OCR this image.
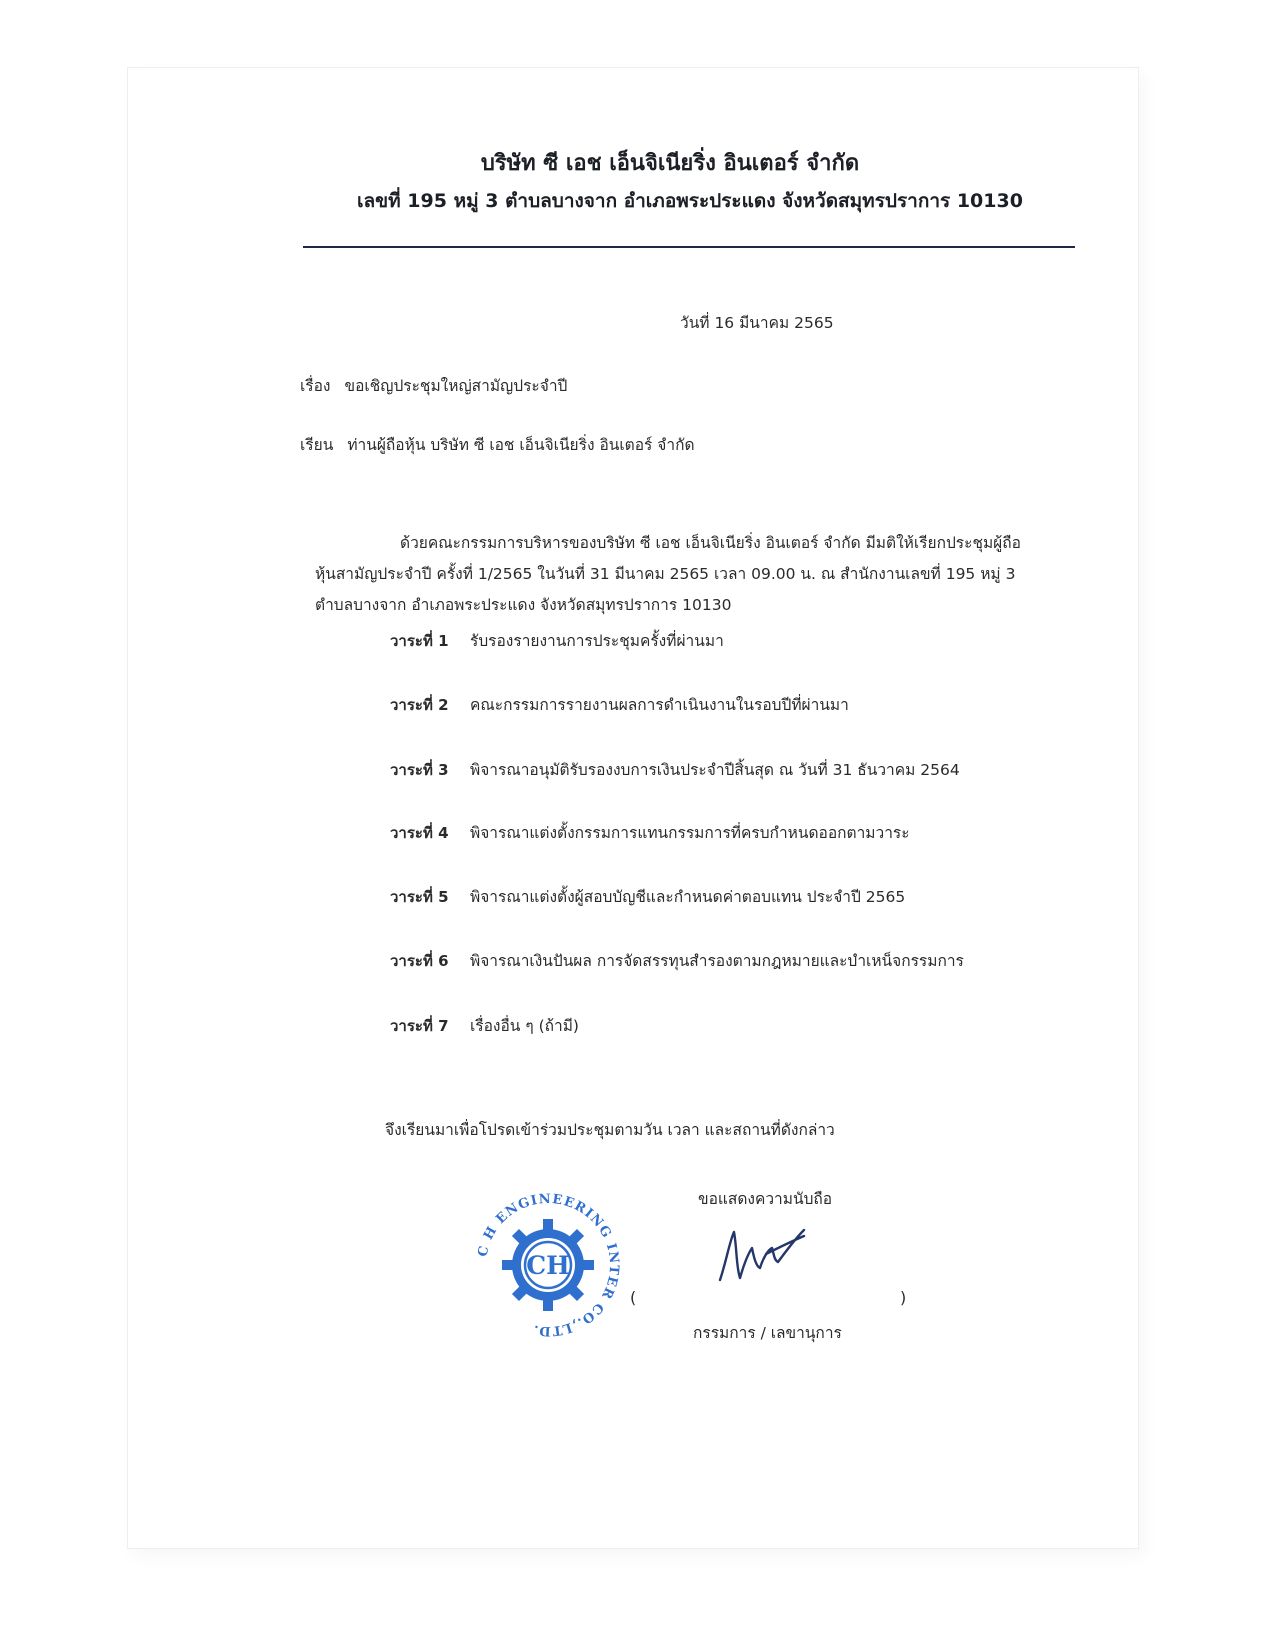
บริษัท ซี เอช เอ็นจิเนียริ่ง อินเตอร์ จำกัด
เลขที่ 195 หมู่ 3 ตำบลบางจาก อำเภอพระประแดง จังหวัดสมุทรปราการ 10130
วันที่ 16 มีนาคม 2565
เรื่อง ขอเชิญประชุมใหญ่สามัญประจำปี
เรียน ท่านผู้ถือหุ้น บริษัท ซี เอช เอ็นจิเนียริ่ง อินเตอร์ จำกัด
ด้วยคณะกรรมการบริหารของบริษัท ซี เอช เอ็นจิเนียริ่ง อินเตอร์ จำกัด มีมติให้เรียกประชุมผู้ถือ
หุ้นสามัญประจำปี ครั้งที่ 1/2565 ในวันที่ 31 มีนาคม 2565 เวลา 09.00 น. ณ สำนักงานเลขที่ 195 หมู่ 3
ตำบลบางจาก อำเภอพระประแดง จังหวัดสมุทรปราการ 10130
วาระที่ 1 รับรองรายงานการประชุมครั้งที่ผ่านมา
วาระที่ 2 คณะกรรมการรายงานผลการดำเนินงานในรอบปีที่ผ่านมา
วาระที่ 3 พิจารณาอนุมัติรับรองงบการเงินประจำปีสิ้นสุด ณ วันที่ 31 ธันวาคม 2564
วาระที่ 4 พิจารณาแต่งตั้งกรรมการแทนกรรมการที่ครบกำหนดออกตามวาระ
วาระที่ 5 พิจารณาแต่งตั้งผู้สอบบัญชีและกำหนดค่าตอบแทน ประจำปี 2565
วาระที่ 6 พิจารณาเงินปันผล การจัดสรรทุนสำรองตามกฎหมายและบำเหน็จกรรมการ
วาระที่ 7 เรื่องอื่น ๆ (ถ้ามี)
จึงเรียนมาเพื่อโปรดเข้าร่วมประชุมตามวัน เวลา และสถานที่ดังกล่าว
ขอแสดงความนับถือ
C H ENGINEERING INTER CO.,LTD.
CH
(	)
กรรมการ / เลขานุการ
